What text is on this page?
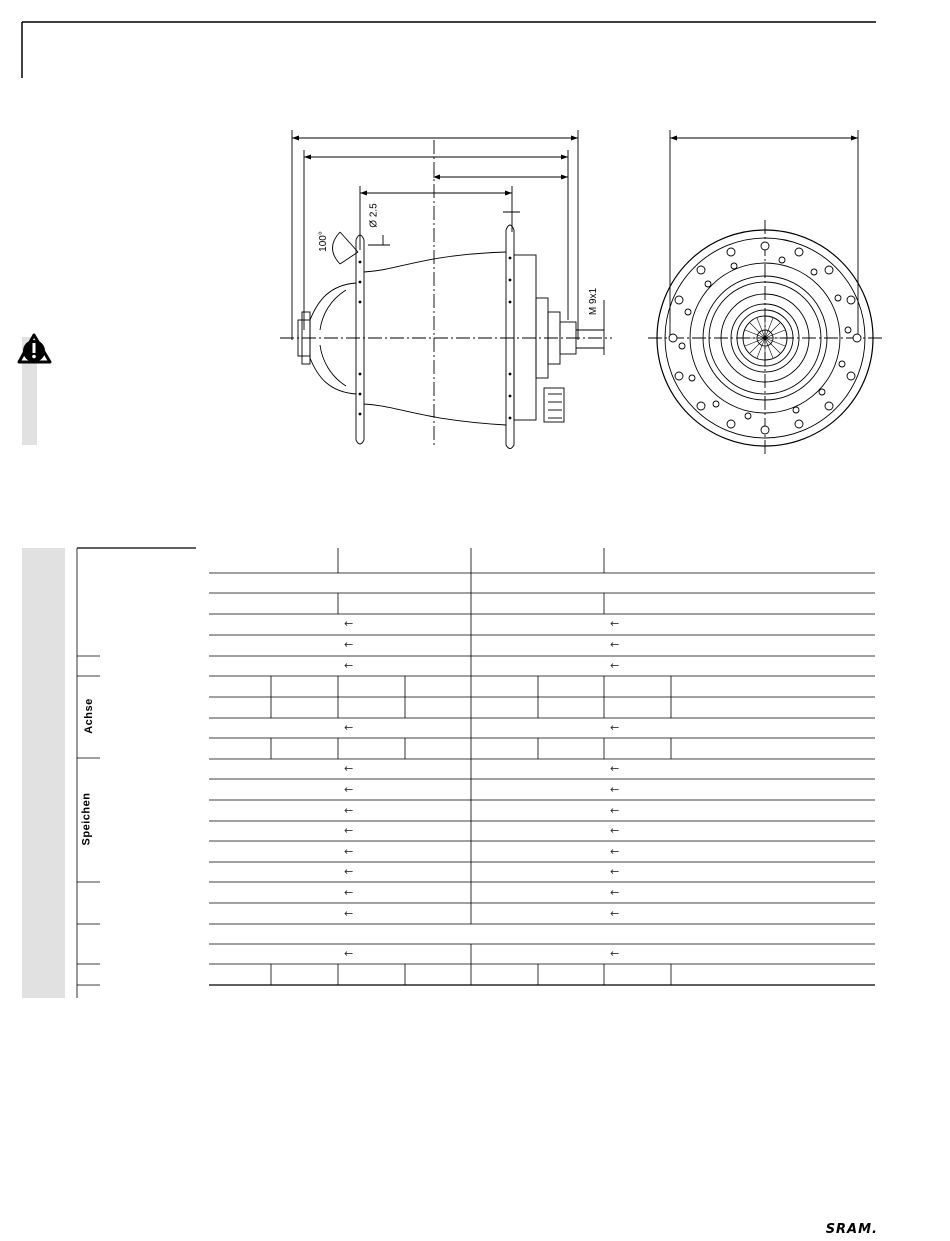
100°
Ø 2.5
M 9x1
Achse
Speichen
←	←
←	←
←	←
←	←
←	←
←	←
←	←
←	←
←	←
←	←
←	←
←	←
←	←
SRAM.
